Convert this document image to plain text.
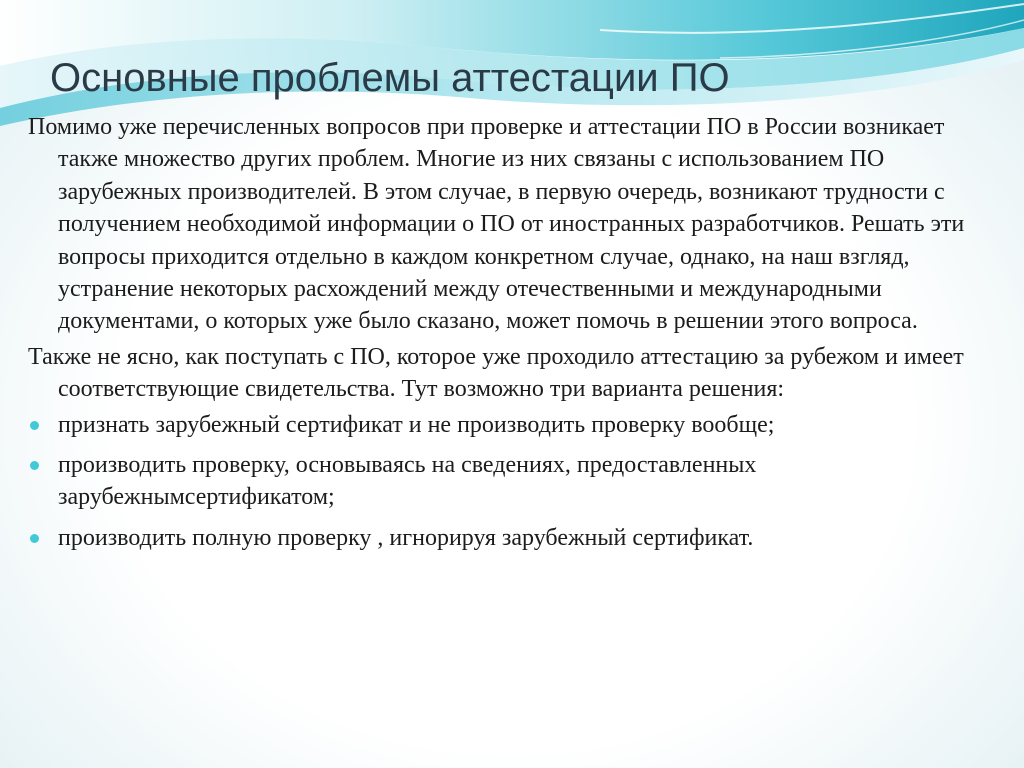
Основные проблемы аттестации ПО

Помимо уже перечисленных вопросов при проверке и аттестации ПО в России возникает также множество других проблем. Многие из них связаны с использованием ПО зарубежных производителей. В этом случае, в первую очередь, возникают трудности с получением необходимой информации о ПО от иностранных разработчиков. Решать эти вопросы приходится отдельно в каждом конкретном случае, однако, на наш взгляд, устранение некоторых расхождений между отечественными и международными документами, о которых уже было сказано, может помочь в решении этого вопроса.

Также не ясно, как поступать с ПО, которое уже проходило аттестацию за рубежом и имеет соответствующие свидетельства. Тут возможно три варианта решения:

признать зарубежный сертификат и не производить проверку вообще;
производить проверку, основываясь на сведениях, предоставленных зарубежнымсертификатом;
производить полную проверку , игнорируя зарубежный сертификат.
